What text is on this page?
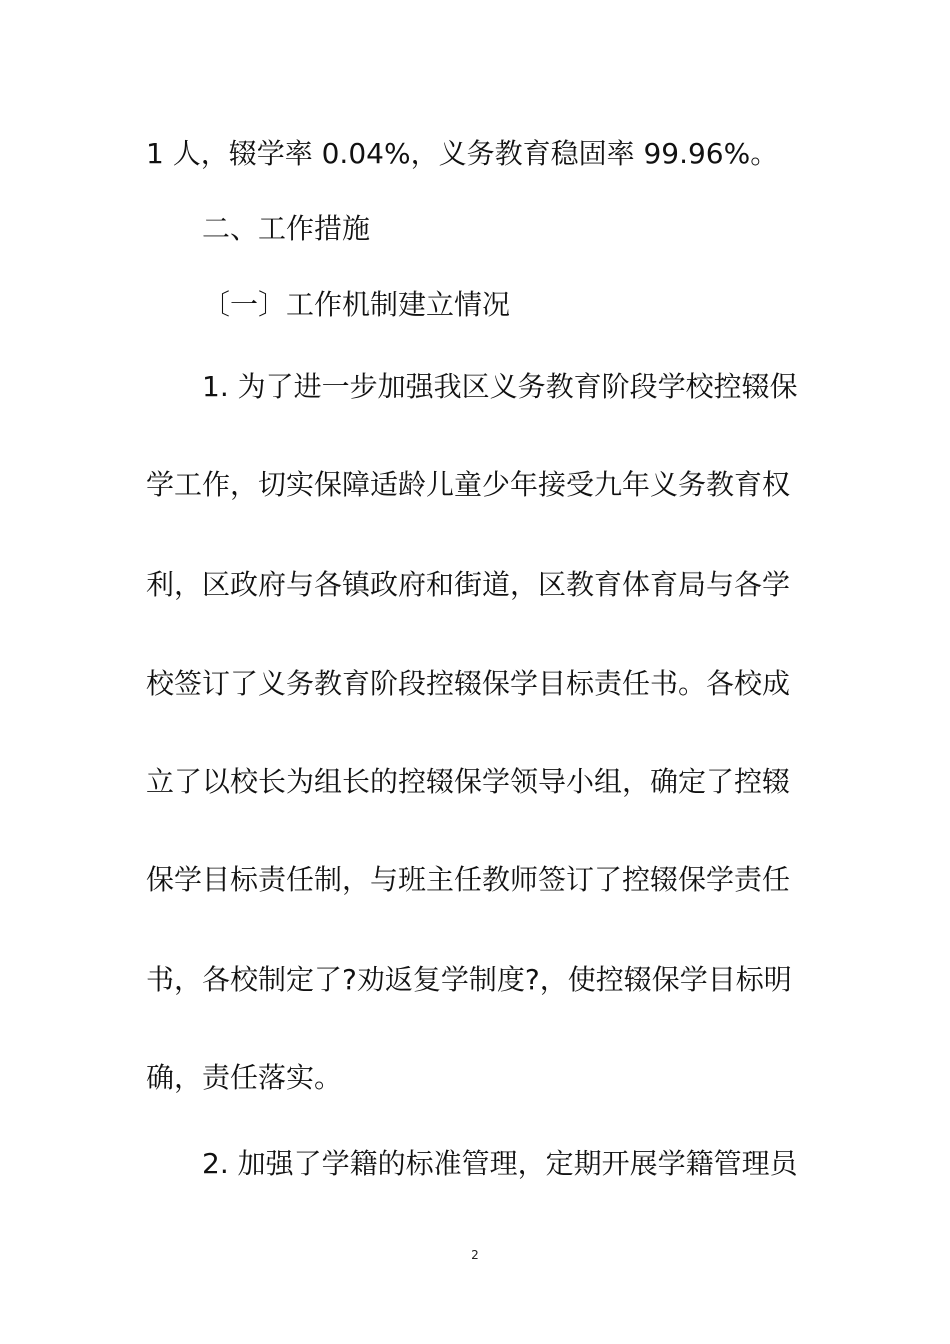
1 人，辍学率 0.04%，义务教育稳固率 99.96%。
二、工作措施
〔一〕工作机制建立情况
1. 为了进一步加强我区义务教育阶段学校控辍保
学工作，切实保障适龄儿童少年接受九年义务教育权
利，区政府与各镇政府和街道，区教育体育局与各学
校签订了义务教育阶段控辍保学目标责任书。各校成
立了以校长为组长的控辍保学领导小组，确定了控辍
保学目标责任制，与班主任教师签订了控辍保学责任
书，各校制定了?劝返复学制度?，使控辍保学目标明
确，责任落实。
2. 加强了学籍的标准管理，定期开展学籍管理员
2
